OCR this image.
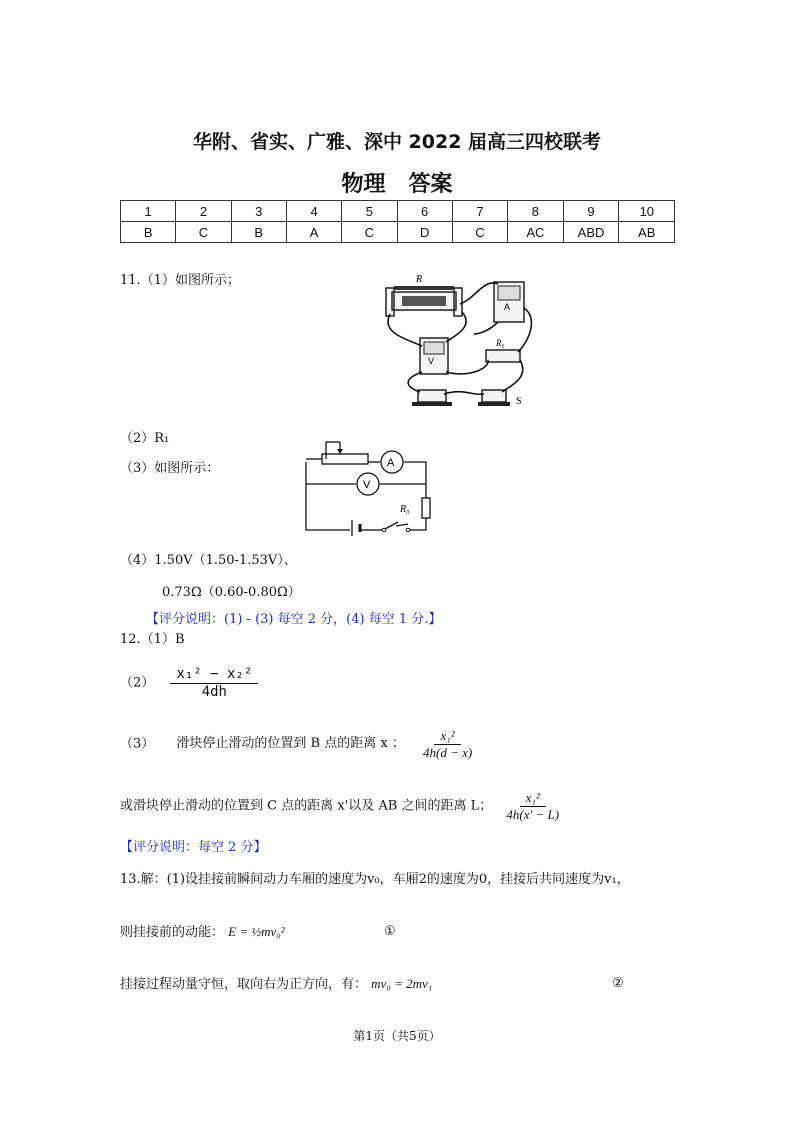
华附、省实、广雅、深中 2022 届高三四校联考
物理   答案
1	2	3	4	5	6	7	8	9	10
B	C	B	A	C	D	C	AC	ABD	AB
11.（1）如图所示；	R
A
V
R₀
S
（2）R₁
（3）如图所示：	A
V
R₀
（4）1.50V（1.50-1.53V）、
0.73Ω（0.60-0.80Ω）
【评分说明：(1) - (3) 每空 2 分，(4) 每空 1 分.】
12.（1）B
$(2) \frac{\text{x₁² − x₂²}}{4dh}$
（3） 滑块停止滑动的位置到 B 点的距离 x ； $\frac{\text{x₁²}}{4h(d - x)}$
或滑块停止滑动的位置到 C 点的距离 x'以及 AB 之间的距离 L； $\frac{\text{x₁²}}{4h(x' - L)}$
【评分说明：每空 2 分】
13.解：(1)设挂接前瞬间动力车厢的速度为v₀，车厢2的速度为0，挂接后共同速度为v₁，
则挂接前的动能： E = ½mv₀²	①
挂接过程动量守恒，取向右为正方向，有： mv₀ = 2mv₁	②
第1页（共5页）
